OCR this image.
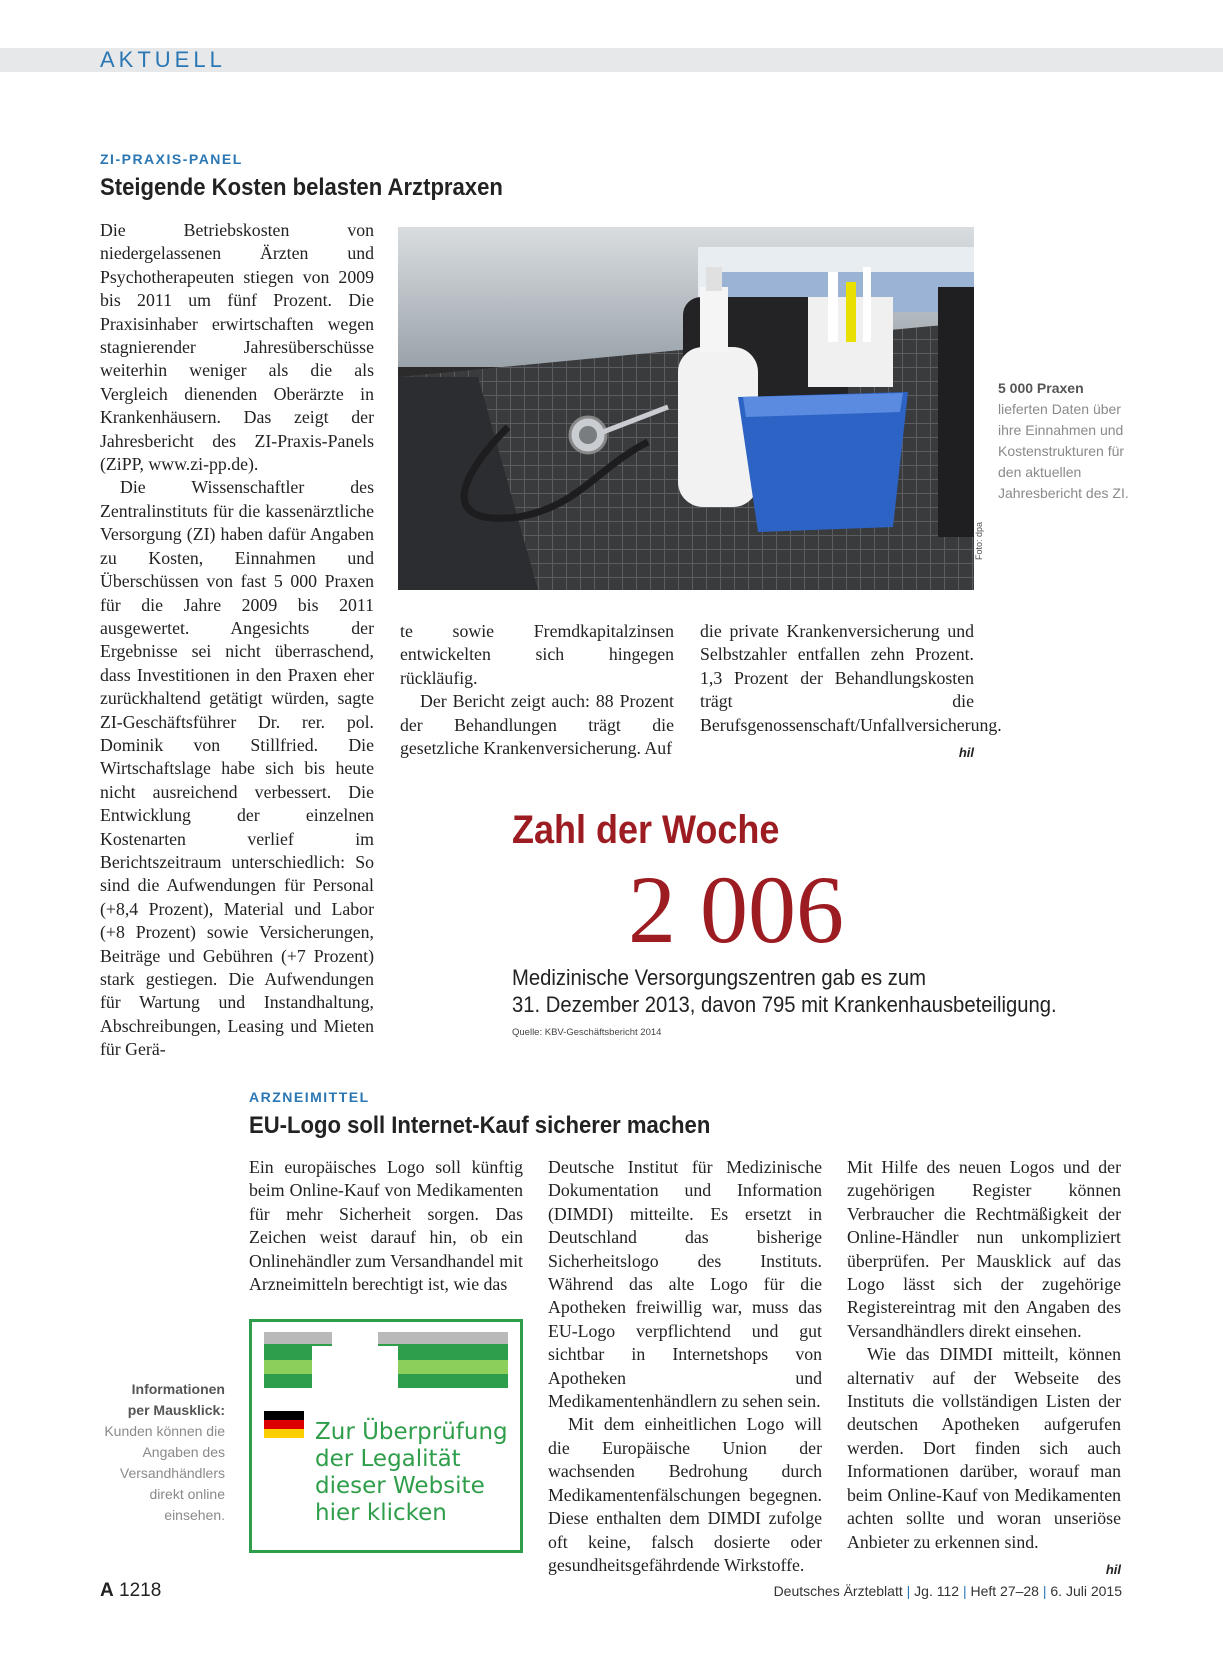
AKTUELL
ZI-PRAXIS-PANEL
Steigende Kosten belasten Arztpraxen

Die Betriebskosten von niedergelassenen Ärzten und Psychotherapeuten stiegen von 2009 bis 2011 um fünf Prozent. Die Praxisinhaber erwirtschaften wegen stagnierender Jahresüberschüsse weiterhin weniger als die als Vergleich dienenden Oberärzte in Krankenhäusern. Das zeigt der Jahresbericht des ZI-Praxis-Panels (ZiPP, www.zi-pp.de).

Die Wissenschaftler des Zentralinstituts für die kassenärztliche Versorgung (ZI) haben dafür Angaben zu Kosten, Einnahmen und Überschüssen von fast 5 000 Praxen für die Jahre 2009 bis 2011 ausgewertet. Angesichts der Ergebnisse sei nicht überraschend, dass Investitionen in den Praxen eher zurückhaltend getätigt würden, sagte ZI-Geschäftsführer Dr. rer. pol. Dominik von Stillfried. Die Wirtschaftslage habe sich bis heute nicht ausreichend verbessert. Die Entwicklung der einzelnen Kostenarten verlief im Berichtszeitraum unterschiedlich: So sind die Aufwendungen für Personal (+8,4 Prozent), Material und Labor (+8 Prozent) sowie Versicherungen, Beiträge und Gebühren (+7 Prozent) stark gestiegen. Die Aufwendungen für Wartung und Instandhaltung, Abschreibungen, Leasing und Mieten für Gerä-

Foto: dpa
5 000 Praxen
lieferten Daten über ihre Einnahmen und Kostenstrukturen für den aktuellen Jahresbericht des ZI.

te sowie Fremdkapitalzinsen entwickelten sich hingegen rückläufig.

Der Bericht zeigt auch: 88 Prozent der Behandlungen trägt die gesetzliche Krankenversicherung. Auf

die private Krankenversicherung und Selbstzahler entfallen zehn Prozent. 1,3 Prozent der Behandlungskosten trägt die Berufsgenossenschaft/Unfallversicherung.

hil
Zahl der Woche
2 006
Medizinische Versorgungszentren gab es zum
31. Dezember 2013, davon 795 mit Krankenhausbeteiligung.
Quelle: KBV-Geschäftsbericht 2014
ARZNEIMITTEL
EU-Logo soll Internet-Kauf sicherer machen

Ein europäisches Logo soll künftig beim Online-Kauf von Medikamenten für mehr Sicherheit sorgen. Das Zeichen weist darauf hin, ob ein Onlinehändler zum Versandhandel mit Arzneimitteln berechtigt ist, wie das

Zur Überprüfung
der Legalität
dieser Website
hier klicken
Informationen
per Mausklick:
Kunden können die Angaben des Versandhändlers direkt online einsehen.

Deutsche Institut für Medizinische Dokumentation und Information (DIMDI) mitteilte. Es ersetzt in Deutschland das bisherige Sicherheitslogo des Instituts. Während das alte Logo für die Apotheken freiwillig war, muss das EU-Logo verpflichtend und gut sichtbar in Internetshops von Apotheken und Medikamentenhändlern zu sehen sein.

Mit dem einheitlichen Logo will die Europäische Union der wachsenden Bedrohung durch Medikamentenfälschungen begegnen. Diese enthalten dem DIMDI zufolge oft keine, falsch dosierte oder gesundheitsgefährdende Wirkstoffe.

Mit Hilfe des neuen Logos und der zugehörigen Register können Verbraucher die Rechtmäßigkeit der Online-Händler nun unkompliziert überprüfen. Per Mausklick auf das Logo lässt sich der zugehörige Registereintrag mit den Angaben des Versandhändlers direkt einsehen.

Wie das DIMDI mitteilt, können alternativ auf der Webseite des Instituts die vollständigen Listen der deutschen Apotheken aufgerufen werden. Dort finden sich auch Informationen darüber, worauf man beim Online-Kauf von Medikamenten achten sollte und woran unseriöse Anbieter zu erkennen sind.

hil
A 1218	Deutsches Ärzteblatt | Jg. 112 | Heft 27–28 | 6. Juli 2015
